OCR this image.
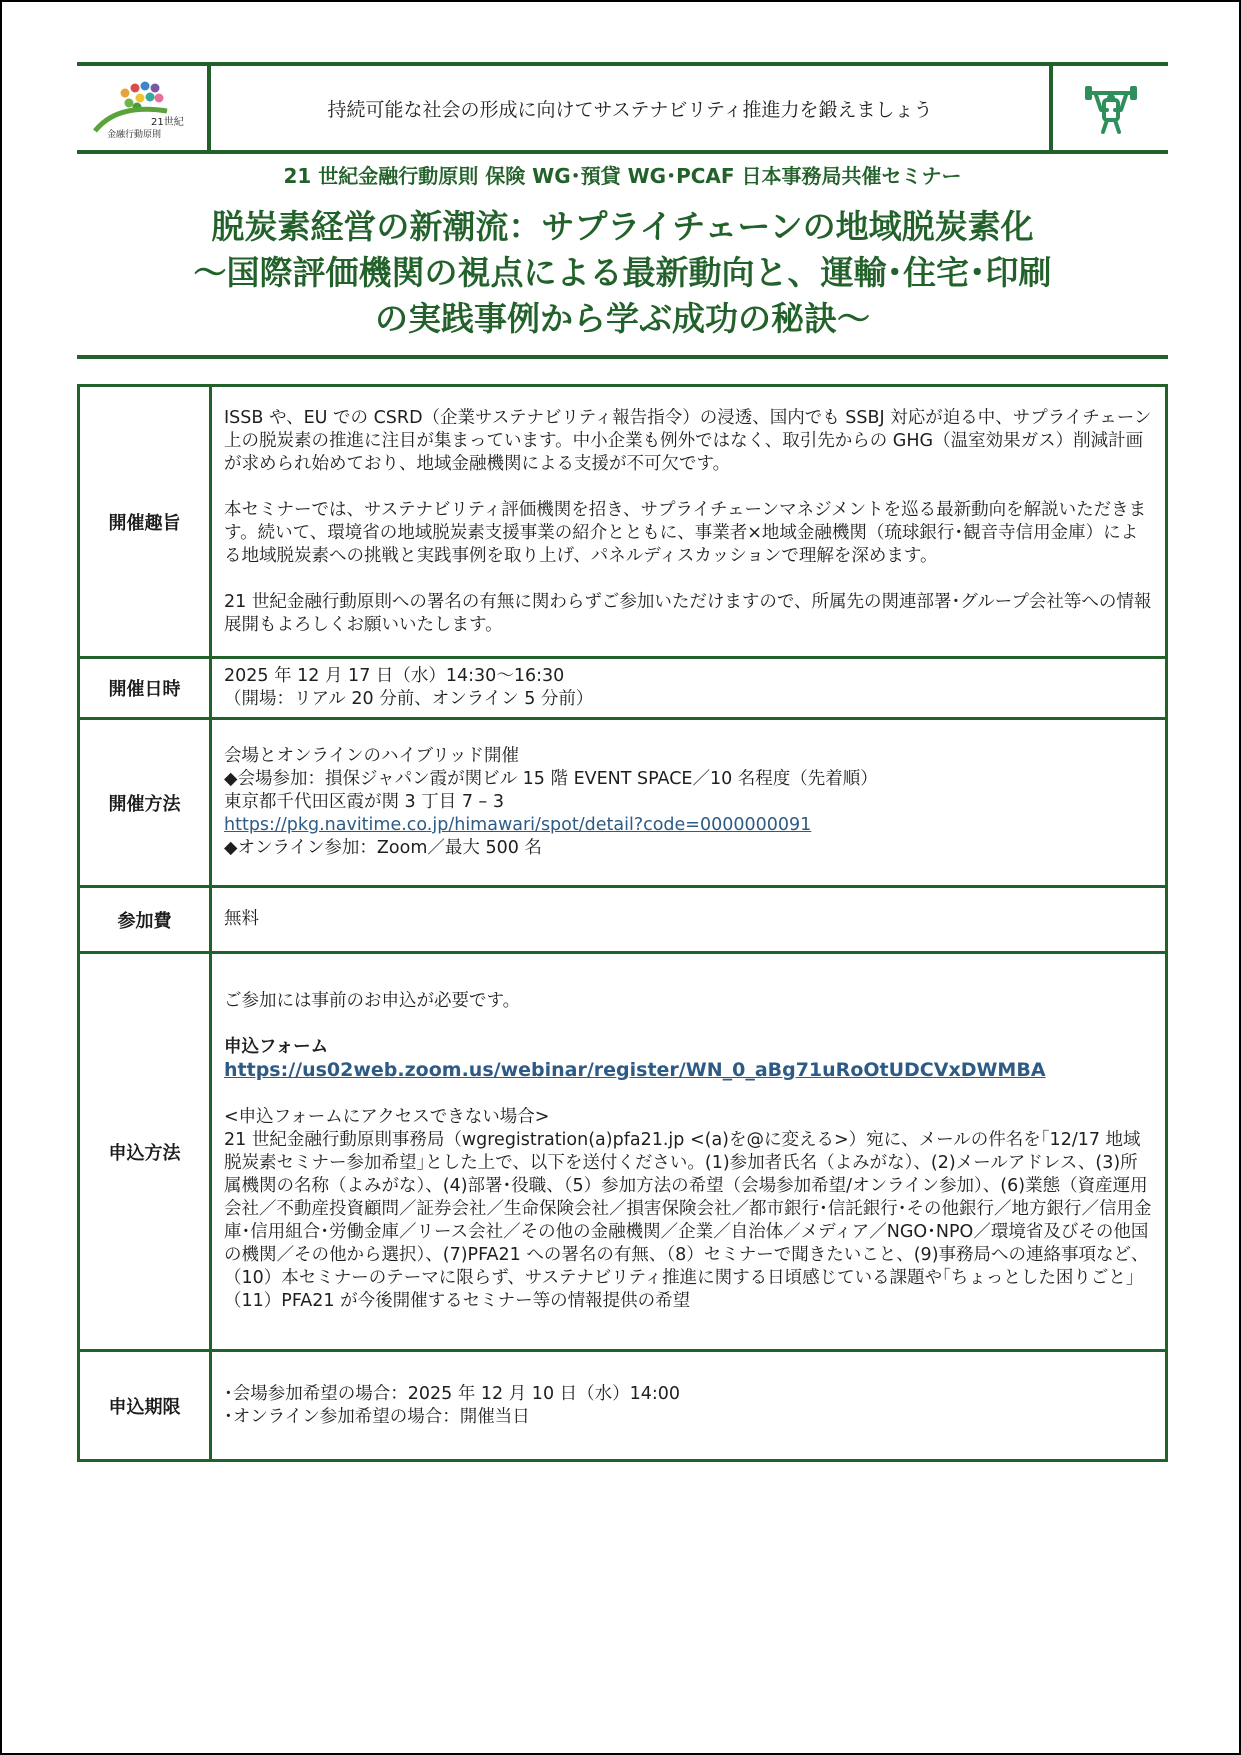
21世紀
金融行動原則
持続可能な社会の形成に向けてサステナビリティ推進力を鍛えましょう
21 世紀金融行動原則 保険 WG･預貸 WG･PCAF 日本事務局共催セミナー
脱炭素経営の新潮流：サプライチェーンの地域脱炭素化
～国際評価機関の視点による最新動向と、運輸･住宅･印刷
の実践事例から学ぶ成功の秘訣～
開催趣旨	ISSB や、EU での CSRD（企業サステナビリティ報告指令）の浸透、国内でも SSBJ 対応が迫る中、サプライチェーン上の脱炭素の推進に注目が集まっています。中小企業も例外ではなく、取引先からの GHG（温室効果ガス）削減計画が求められ始めており、地域金融機関による支援が不可欠です。

本セミナーでは、サステナビリティ評価機関を招き、サプライチェーンマネジメントを巡る最新動向を解説いただきます。続いて、環境省の地域脱炭素支援事業の紹介とともに、事業者×地域金融機関（琉球銀行･観音寺信用金庫）による地域脱炭素への挑戦と実践事例を取り上げ、パネルディスカッションで理解を深めます。

21 世紀金融行動原則への署名の有無に関わらずご参加いただけますので、所属先の関連部署･グループ会社等への情報展開もよろしくお願いいたします。

開催日時	2025 年 12 月 17 日（水）14:30～16:30
（開場：リアル 20 分前、オンライン 5 分前）

開催方法	会場とオンラインのハイブリッド開催
◆会場参加：損保ジャパン霞が関ビル 15 階 EVENT SPACE／10 名程度（先着順）
東京都千代田区霞が関 3 丁目 7 – 3
https://pkg.navitime.co.jp/himawari/spot/detail?code=0000000091
◆オンライン参加：Zoom／最大 500 名

参加費	無料
申込方法	ご参加には事前のお申込が必要です。
申込フォーム
https://us02web.zoom.us/webinar/register/WN_0_aBg71uRoOtUDCVxDWMBA
<申込フォームにアクセスできない場合>
21 世紀金融行動原則事務局（wgregistration(a)pfa21.jp <(a)を@に変える>）宛に、メールの件名を｢12/17 地域脱炭素セミナー参加希望｣とした上で、以下を送付ください。(1)参加者氏名（よみがな）、(2)メールアドレス、(3)所属機関の名称（よみがな）、(4)部署･役職、（5）参加方法の希望（会場参加希望/オンライン参加）、(6)業態（資産運用会社／不動産投資顧問／証券会社／生命保険会社／損害保険会社／都市銀行･信託銀行･その他銀行／地方銀行／信用金庫･信用組合･労働金庫／リース会社／その他の金融機関／企業／自治体／メディア／NGO･NPO／環境省及びその他国の機関／その他から選択）、(7)PFA21 への署名の有無、（8）セミナーで聞きたいこと、(9)事務局への連絡事項など、（10）本セミナーのテーマに限らず、サステナビリティ推進に関する日頃感じている課題や｢ちょっとした困りごと｣（11）PFA21 が今後開催するセミナー等の情報提供の希望

申込期限	･会場参加希望の場合：2025 年 12 月 10 日（水）14:00
･オンライン参加希望の場合：開催当日
